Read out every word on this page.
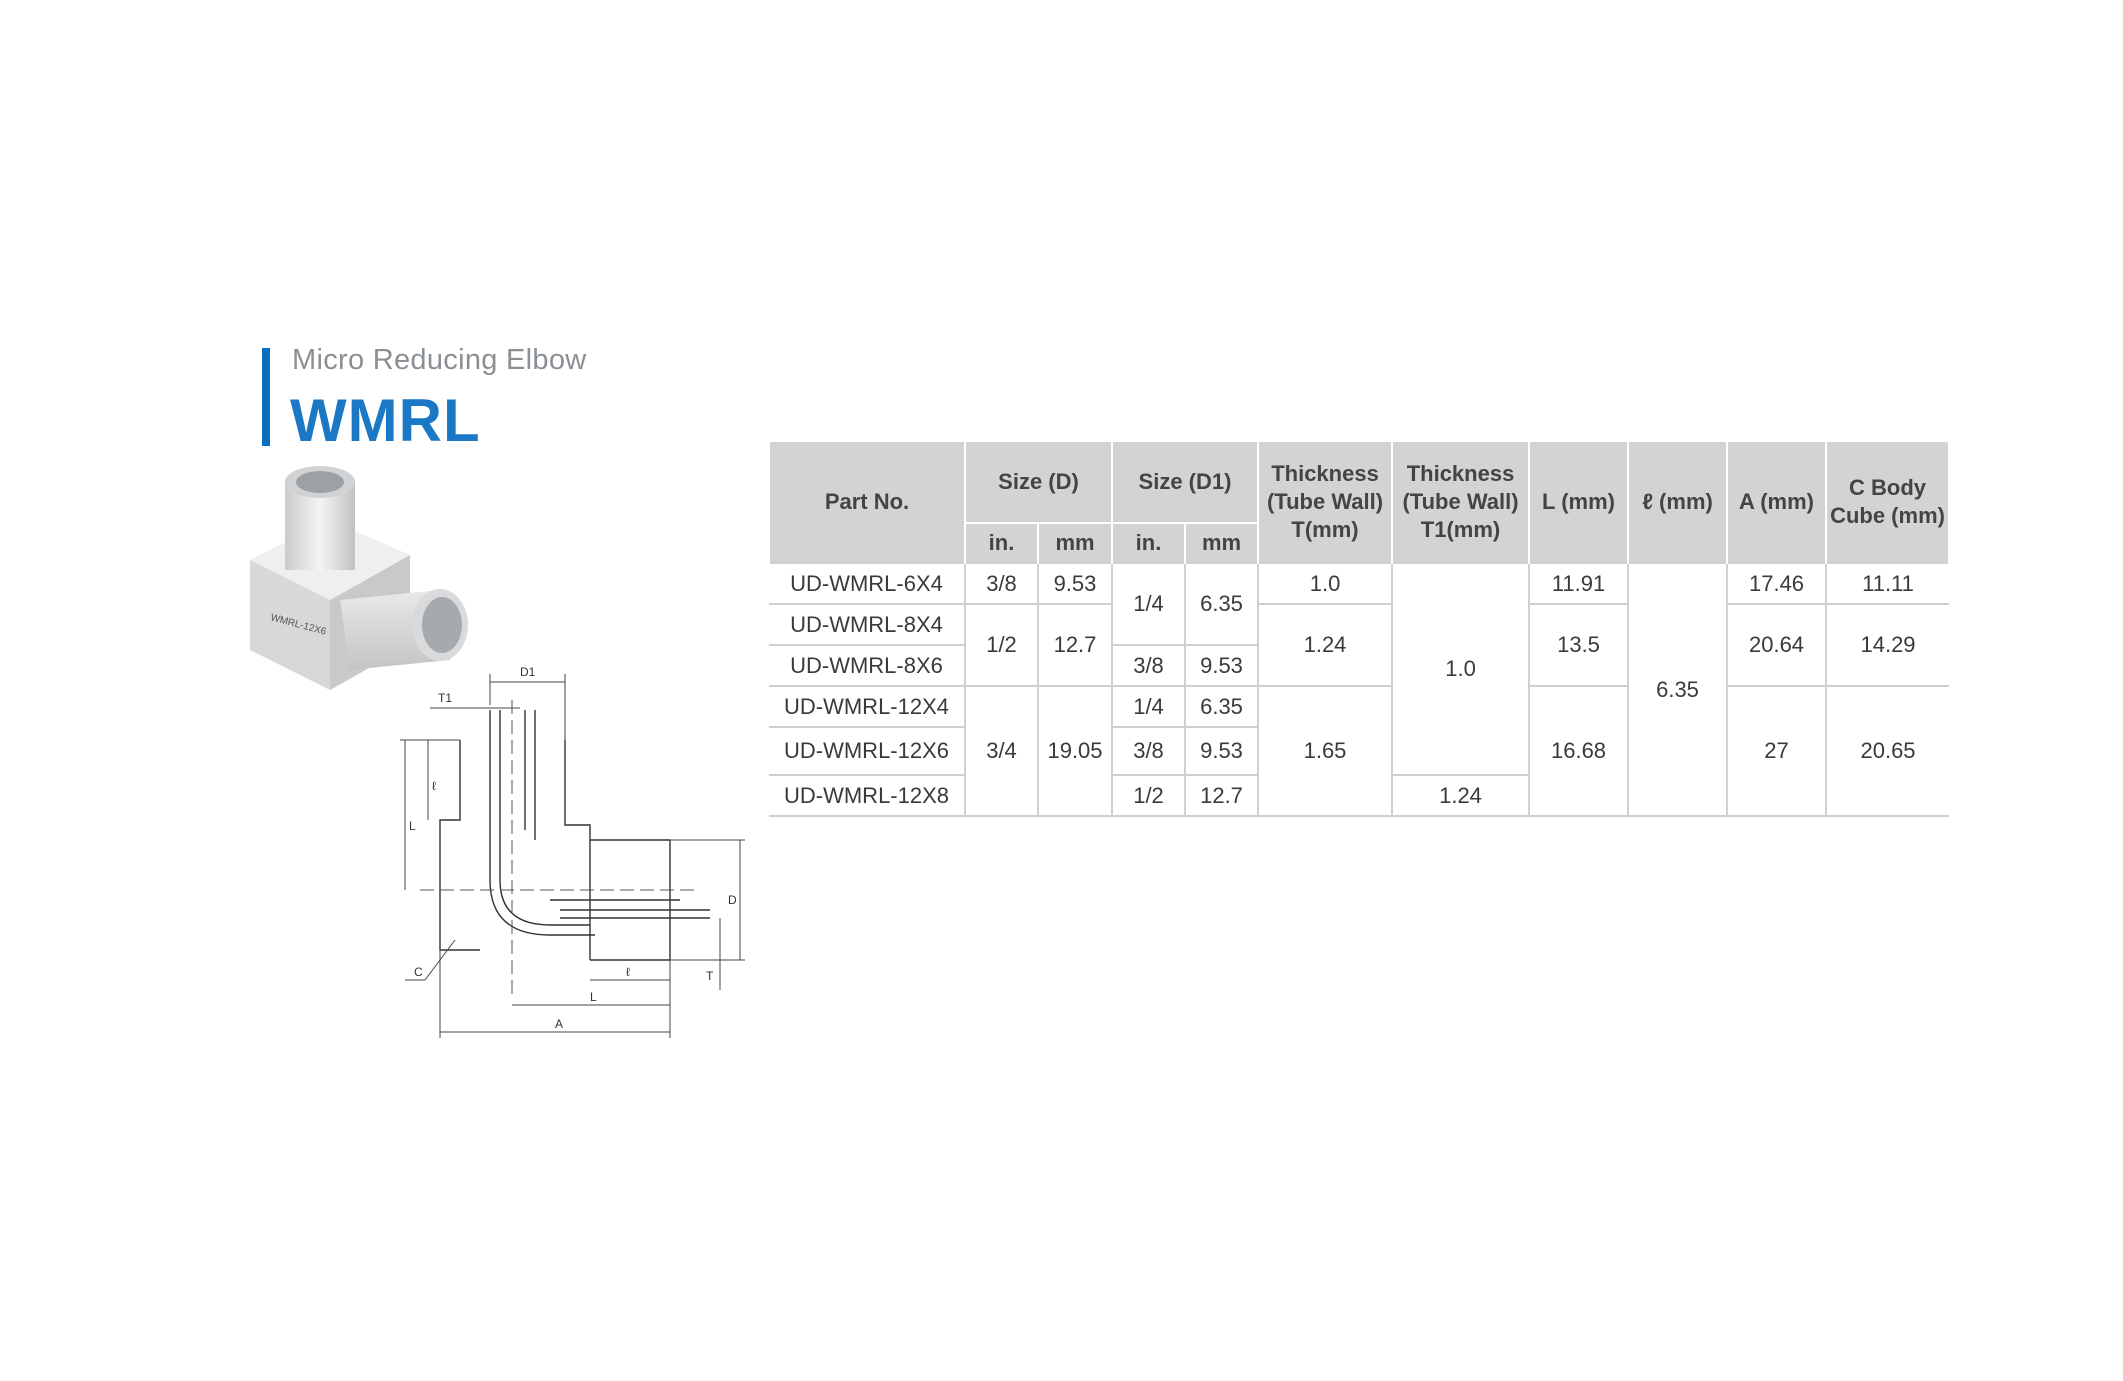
Micro Reducing Elbow
WMRL
WMRL-12X6
D1
T1
ℓ
L
D
T
C	ℓ
L
A
Part No.	Size (D)		Size (D1)		Thickness (Tube Wall) T(mm)	Thickness (Tube Wall) T1(mm)	L (mm)	ℓ (mm)	A (mm)	C Body Cube (mm)
	in.	mm	in.	mm						
UD-WMRL-6X4	3/8	9.53	1/4	6.35	1.0	1.0	11.91	6.35	17.46	11.11
UD-WMRL-8X4	1/2	12.7			1.24		13.5		20.64	14.29
UD-WMRL-8X6			3/8	9.53						
UD-WMRL-12X4	3/4	19.05	1/4	6.35	1.65		16.68		27	20.65
UD-WMRL-12X6			3/8	9.53						
UD-WMRL-12X8			1/2	12.7		1.24				
